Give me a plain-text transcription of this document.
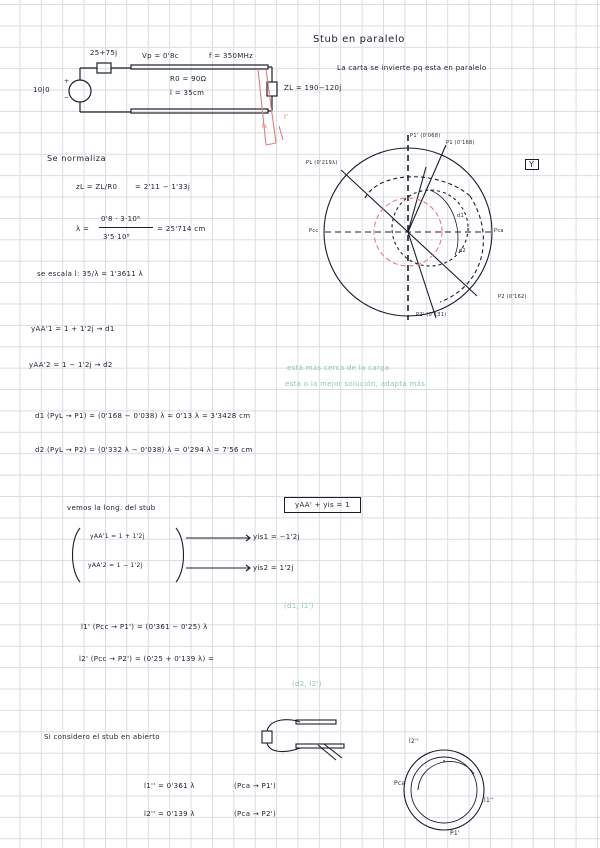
Stub en paralelo
La carta se invierte pq esta en paralelo
25+75j	Vp = 0'8c	f = 350MHz
10|0
+
−
R0 = 90Ω
l = 35cm
ZL = 190−120j
l'
ls
Se normaliza
zL = ZL/R0	= 2'11 − 1'33j
λ =
0'8 · 3·10⁸
3'5·10⁸
= 25'714 cm
se escala l: 35/λ = 1'3611 λ
PL (0'219λ)
P1 (0'168)
P1' (0'068)
P2 (0'162)
Pcc	Pca
P2' (0'131)
d1
d2
Y
yAA'1 = 1 + 1'2j → d1
yAA'2 = 1 − 1'2j → d2	está más cerca de la carga
esta o la mejor solución, adapta más
d1 (PyL → P1) = (0'168 − 0'038) λ = 0'13 λ = 3'3428 cm
d2 (PyL → P2) = (0'332 λ − 0'038) λ = 0'294 λ = 7'56 cm
vemos la long. del stub	yAA' + yis = 1
yAA'1 = 1 + 1'2j	yis1 = −1'2j
yAA'2 = 1 − 1'2j	yis2 = 1'2j
(d1, l1')
l1' (Pcc → P1') = (0'361 − 0'25) λ
l2' (Pcc → P2') = (0'25 + 0'139 λ) =
(d2, l2')
Si considero el stub en abierto
l1'' = 0'361 λ	(Pca → P1')
l2'' = 0'139 λ	(Pca → P2')
l2''
Pca
l1''
P1'
